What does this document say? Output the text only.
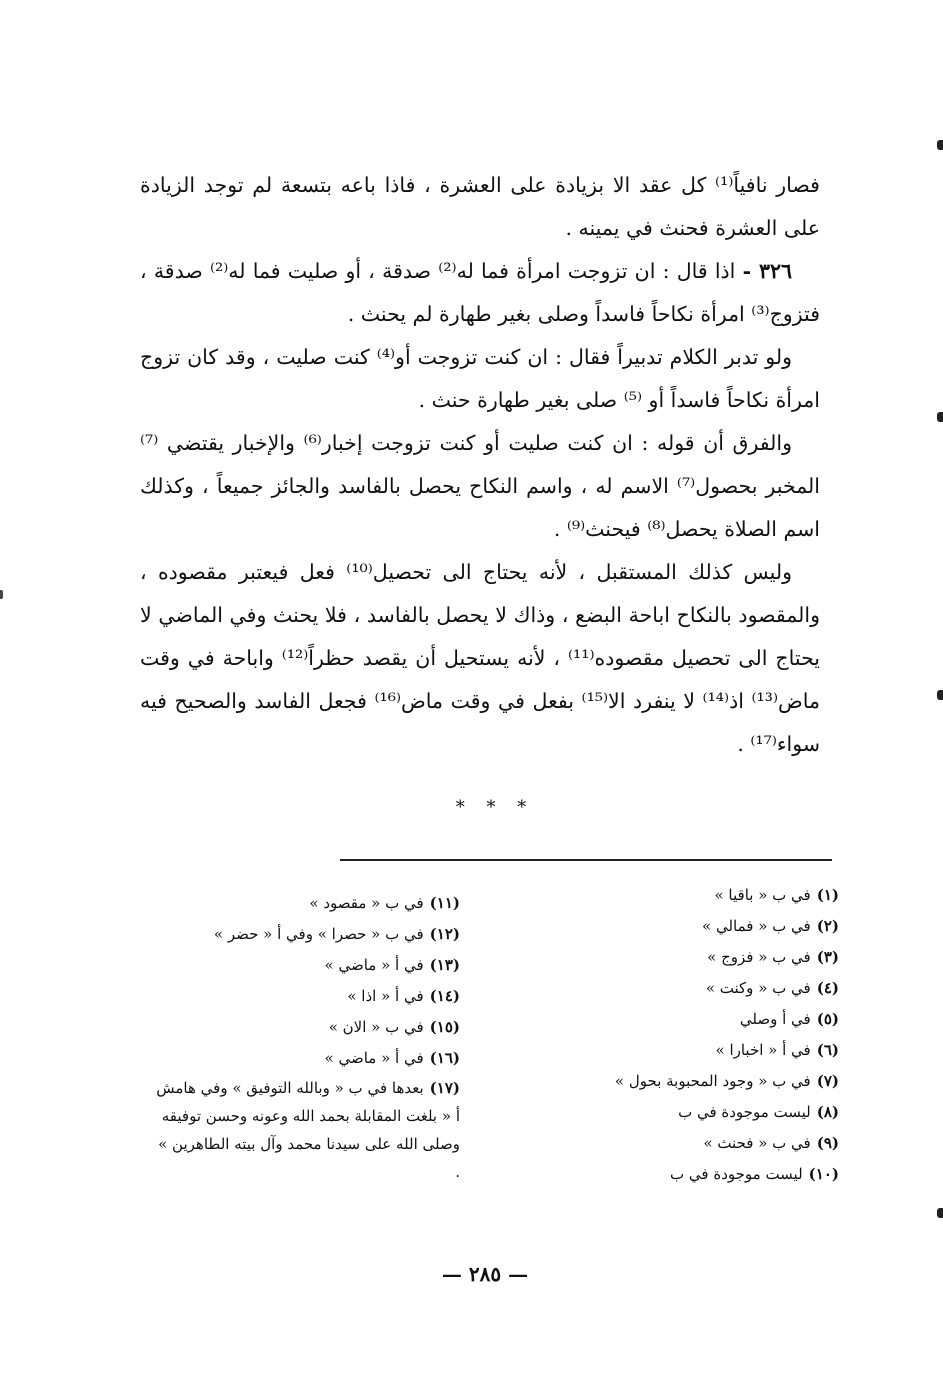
فصار نافياً⁽¹⁾ كل عقد الا بزيادة على العشرة ، فاذا باعه بتسعة لم توجد الزيادة على العشرة فحنث في يمينه .

٣٢٦ - اذا قال : ان تزوجت امرأة فما له⁽²⁾ صدقة ، أو صليت فما له⁽²⁾ صدقة ، فتزوج⁽³⁾ امرأة نكاحاً فاسداً وصلى بغير طهارة لم يحنث .

ولو تدبر الكلام تدبيراً فقال : ان كنت تزوجت أو⁽⁴⁾ كنت صليت ، وقد كان تزوج امرأة نكاحاً فاسداً أو ⁽⁵⁾ صلى بغير طهارة حنث .

والفرق أن قوله : ان كنت صليت أو كنت تزوجت إخبار⁽⁶⁾ والإخبار يقتضي ⁽⁷⁾المخبر بحصول⁽⁷⁾ الاسم له ، واسم النكاح يحصل بالفاسد والجائز جميعاً ، وكذلك اسم الصلاة يحصل⁽⁸⁾ فيحنث⁽⁹⁾ .

وليس كذلك المستقبل ، لأنه يحتاج الى تحصيل⁽¹⁰⁾ فعل فيعتبر مقصوده ، والمقصود بالنكاح اباحة البضع ، وذاك لا يحصل بالفاسد ، فلا يحنث وفي الماضي لا يحتاج الى تحصيل مقصوده⁽¹¹⁾ ، لأنه يستحيل أن يقصد حظراً⁽¹²⁾ واباحة في وقت ماض⁽¹³⁾ اذ⁽¹⁴⁾ لا ينفرد الا⁽¹⁵⁾ بفعل في وقت ماض⁽¹⁶⁾ فجعل الفاسد والصحيح فيه سواء⁽¹⁷⁾ .

* * *
(١)في ب « باقيا »
(٢)في ب « فمالي »
(٣)في ب « فزوج »
(٤)في ب « وكنت »
(٥)في أ وصلي
(٦)في أ « اخبارا »
(٧)في ب « وجود المحبوبة بحول »
(٨)ليست موجودة في ب
(٩)في ب « فحنث »
(١٠)ليست موجودة في ب
(١١)في ب « مقصود »
(١٢)في ب « حصرا » وفي أ « حضر »
(١٣)في أ « ماضي »
(١٤)في أ « اذا »
(١٥)في ب « الان »
(١٦)في أ « ماضي »
(١٧)بعدها في ب « وبالله التوفيق » وفي هامش أ « بلغت المقابلة بحمد الله وعونه وحسن توفيقه وصلى الله على سيدنا محمد وآل بيته الطاهرين » .
— ٢٨٥ —
